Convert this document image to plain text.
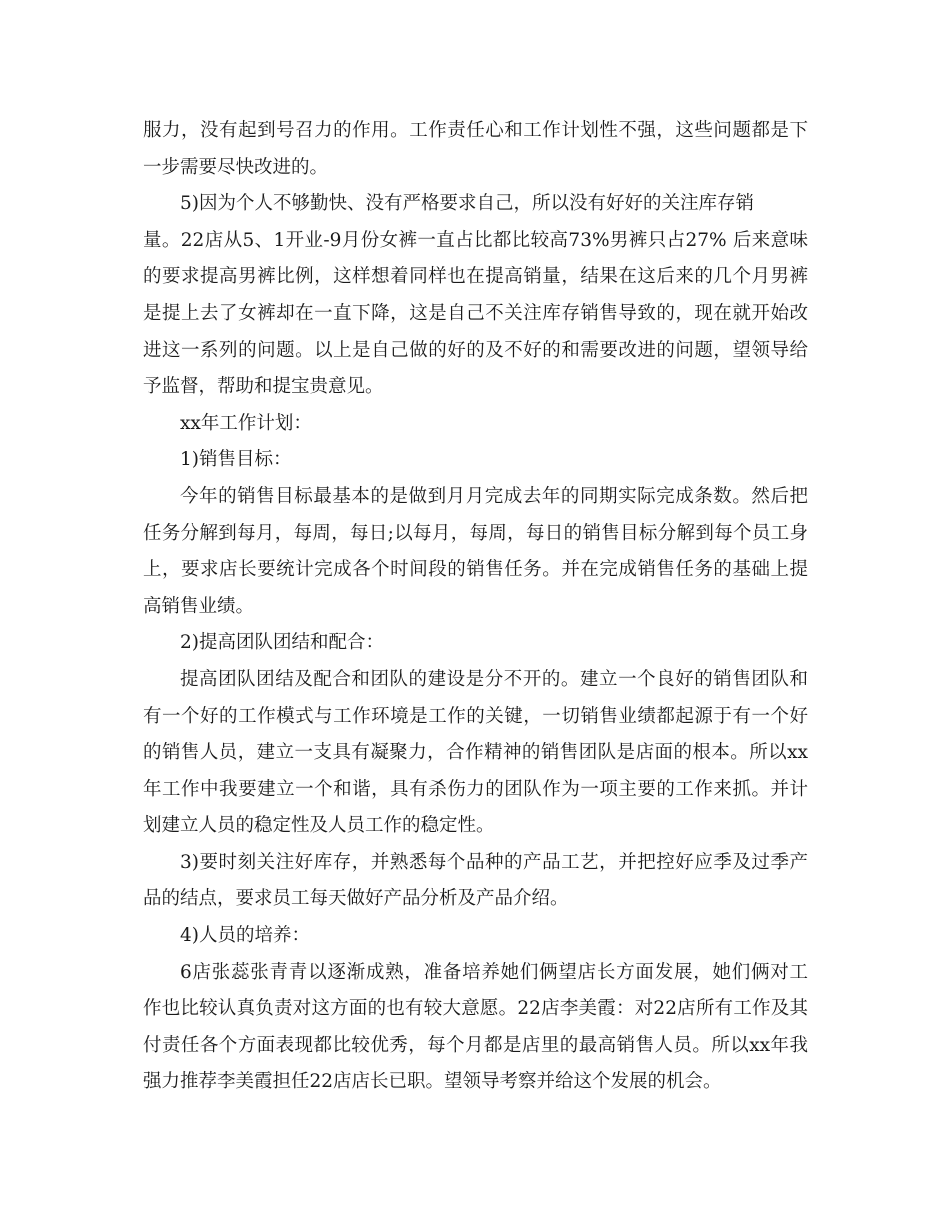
服力，没有起到号召力的作用。工作责任心和工作计划性不强，这些问题都是下
一步需要尽快改进的。
5)因为个人不够勤快、没有严格要求自己，所以没有好好的关注库存销
量。22店从5、1开业-9月份女裤一直占比都比较高73%男裤只占27% 后来意味
的要求提高男裤比例，这样想着同样也在提高销量，结果在这后来的几个月男裤
是提上去了女裤却在一直下降，这是自己不关注库存销售导致的，现在就开始改
进这一系列的问题。以上是自己做的好的及不好的和需要改进的问题，望领导给
予监督，帮助和提宝贵意见。
xx年工作计划：
1)销售目标：
今年的销售目标最基本的是做到月月完成去年的同期实际完成条数。然后把
任务分解到每月，每周，每日;以每月，每周，每日的销售目标分解到每个员工身
上，要求店长要统计完成各个时间段的销售任务。并在完成销售任务的基础上提
高销售业绩。
2)提高团队团结和配合：
提高团队团结及配合和团队的建设是分不开的。建立一个良好的销售团队和
有一个好的工作模式与工作环境是工作的关键，一切销售业绩都起源于有一个好
的销售人员，建立一支具有凝聚力，合作精神的销售团队是店面的根本。所以xx
年工作中我要建立一个和谐，具有杀伤力的团队作为一项主要的工作来抓。并计
划建立人员的稳定性及人员工作的稳定性。
3)要时刻关注好库存，并熟悉每个品种的产品工艺，并把控好应季及过季产
品的结点，要求员工每天做好产品分析及产品介绍。
4)人员的培养：
6店张蕊张青青以逐渐成熟，准备培养她们俩望店长方面发展，她们俩对工
作也比较认真负责对这方面的也有较大意愿。22店李美霞：对22店所有工作及其
付责任各个方面表现都比较优秀，每个月都是店里的最高销售人员。所以xx年我
强力推荐李美霞担任22店店长已职。望领导考察并给这个发展的机会。
